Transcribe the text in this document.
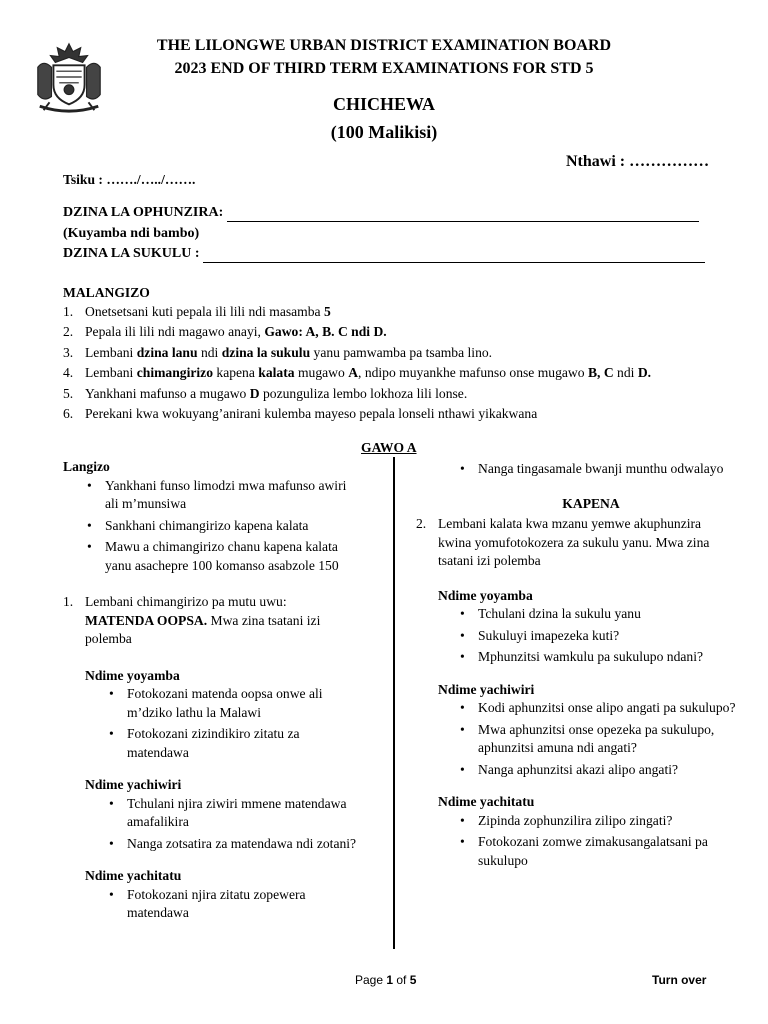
THE LILONGWE URBAN DISTRICT EXAMINATION BOARD
2023 END OF THIRD TERM EXAMINATIONS FOR STD 5
CHICHEWA
(100 Malikisi)
Nthawi : ……………
Tsiku : ……./…../…….
DZINA LA OPHUNZIRA:
(Kuyamba ndi bambo)
DZINA LA SUKULU :
MALANGIZO
1. Onetsetsani kuti pepala ili lili ndi masamba 5
2. Pepala ili lili ndi magawo anayi, Gawo: A, B. C ndi D.
3. Lembani dzina lanu ndi dzina la sukulu yanu pamwamba pa tsamba lino.
4. Lembani chimangirizo kapena kalata mugawo A, ndipo muyankhe mafunso onse mugawo B, C ndi D.
5. Yankhani mafunso a mugawo D pozunguliza lembo lokhoza lili lonse.
6. Perekani kwa wokuyang’anirani kulemba mayeso pepala lonseli nthawi yikakwana
GAWO A

Langizo

• Yankhani funso limodzi mwa mafunso awiri ali m’munsiwa
• Sankhani chimangirizo kapena kalata
• Mawu a chimangirizo chanu kapena kalata yanu asachepre 100 komanso asabzole 150
1. Lembani chimangirizo pa mutu uwu:
MATENDA OOPSA. Mwa zina tsatani izi polemba

Ndime yoyamba

• Fotokozani matenda oopsa onwe ali m’dziko lathu la Malawi
• Fotokozani zizindikiro zitatu za matendawa

Ndime yachiwiri

• Tchulani njira ziwiri mmene matendawa amafalikira
• Nanga zotsatira za matendawa ndi zotani?

Ndime yachitatu

• Fotokozani njira zitatu zopewera matendawa
• Nanga tingasamale bwanji munthu odwalayo

KAPENA

2. Lembani kalata kwa mzanu yemwe akuphunzira kwina yomufotokozera za sukulu yanu. Mwa zina tsatani izi polemba

Ndime yoyamba

• Tchulani dzina la sukulu yanu
• Sukuluyi imapezeka kuti?
• Mphunzitsi wamkulu pa sukulupo ndani?

Ndime yachiwiri

• Kodi aphunzitsi onse alipo angati pa sukulupo?
• Mwa aphunzitsi onse opezeka pa sukulupo, aphunzitsi amuna ndi angati?
• Nanga aphunzitsi akazi alipo angati?

Ndime yachitatu

• Zipinda zophunzilira zilipo zingati?
• Fotokozani zomwe zimakusangalatsani pa sukulupo
Page 1 of 5	Turn over
